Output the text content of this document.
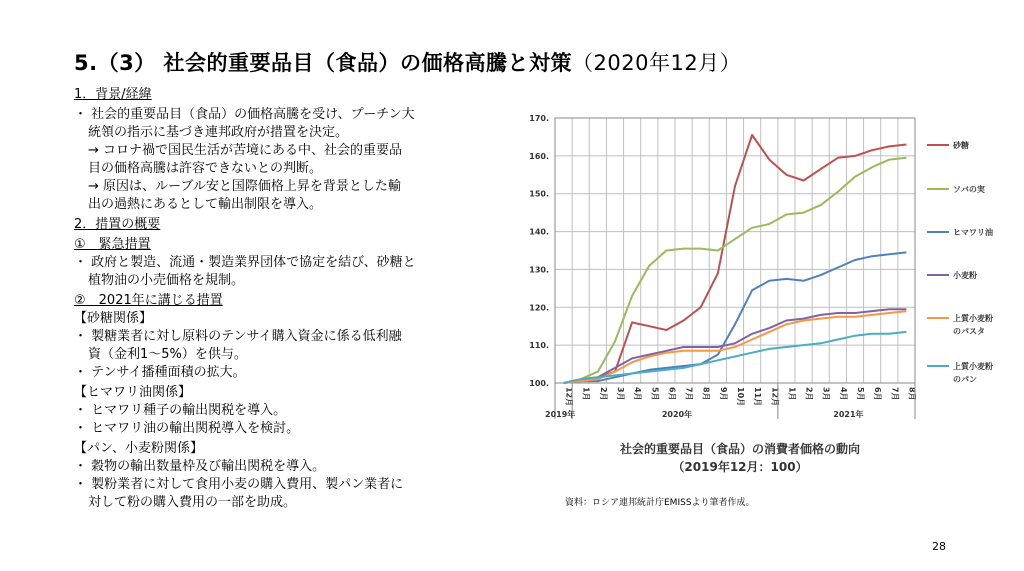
5.（3） 社会的重要品目（食品）の価格高騰と対策（2020年12月）
1．背景/経緯
・ 社会的重要品目（食品）の価格高騰を受け、プーチン大
統領の指示に基づき連邦政府が措置を決定。
→ コロナ禍で国民生活が苦境にある中、社会的重要品
目の価格高騰は許容できないとの判断。
→ 原因は、ルーブル安と国際価格上昇を背景とした輸
出の過熱にあるとして輸出制限を導入。
2．措置の概要
①　緊急措置
・ 政府と製造、流通・製造業界団体で協定を結び、砂糖と
植物油の小売価格を規制。
②　2021年に講じる措置
【砂糖関係】
・ 製糖業者に対し原料のテンサイ購入資金に係る低利融
資（金利1～5%）を供与。
・ テンサイ播種面積の拡大。
【ヒマワリ油関係】
・ ヒマワリ種子の輸出関税を導入。
・ ヒマワリ油の輸出関税導入を検討。
【パン、小麦粉関係】
・ 穀物の輸出数量枠及び輸出関税を導入。
・ 製粉業者に対して食用小麦の購入費用、製パン業者に
対して粉の購入費用の一部を助成。
100.
110.
120.
130.
140.
150.
160.
170.
12月 1月 2月 3月 4月 5月 6月 7月 8月 9月 10月 11月 12月 1月 2月 3月 4月 5月 6月 7月 8月
2019年	2020年	2021年
砂糖
ソバの実
ヒマワリ油
小麦粉
上質小麦粉のパスタ
上質小麦粉のパン
社会的重要品目（食品）の消費者価格の動向
（2019年12月：100）
資料：ロシア連邦統計庁EMISSより筆者作成。
28
